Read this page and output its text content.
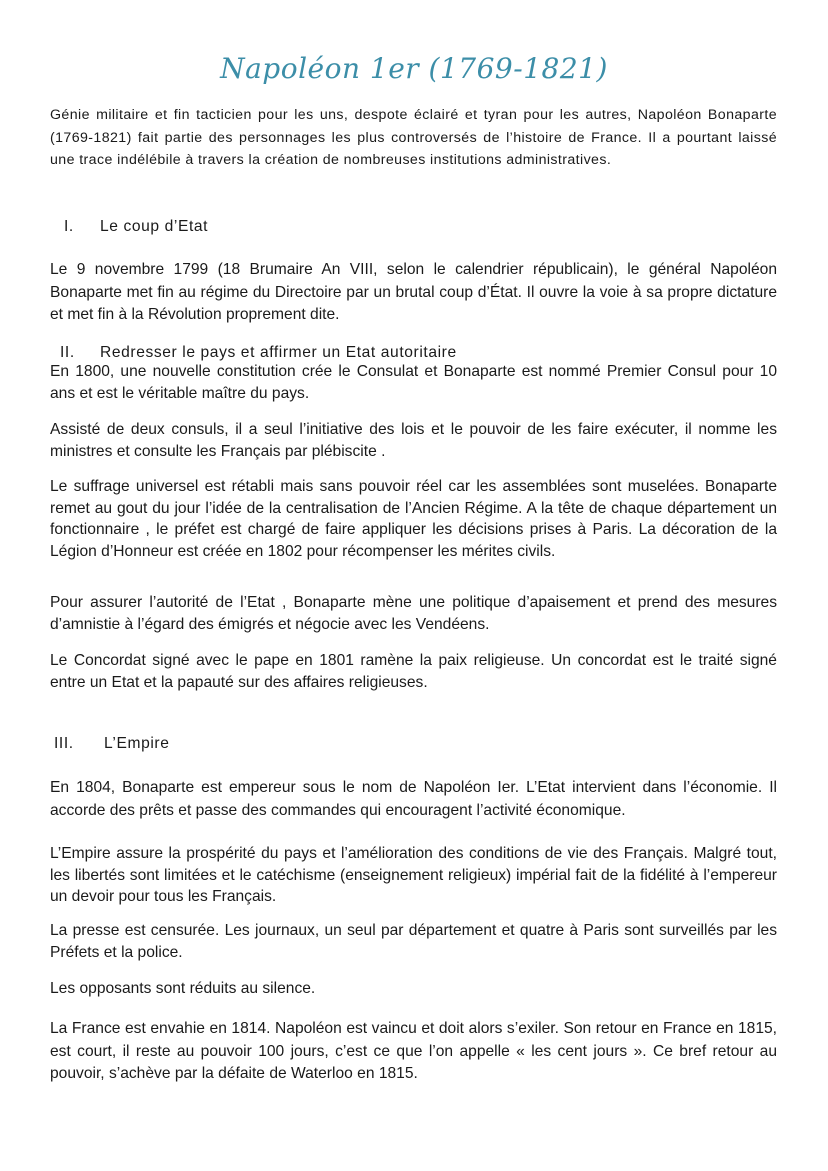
Napoléon 1er (1769-1821)

Génie militaire et fin tacticien pour les uns, despote éclairé et tyran pour les autres, Napoléon Bonaparte (1769-1821) fait partie des personnages les plus controversés de l’histoire de France. Il a pourtant laissé une trace indélébile à travers la création de nombreuses institutions administratives.

I. Le coup d’Etat

Le 9 novembre 1799 (18 Brumaire An VIII, selon le calendrier républicain), le général Napoléon Bonaparte met fin au régime du Directoire par un brutal coup d’État. Il ouvre la voie à sa propre dictature et met fin à la Révolution proprement dite.

II. Redresser le pays et affirmer un Etat autoritaire

En 1800, une nouvelle constitution crée le Consulat et Bonaparte est nommé Premier Consul pour 10 ans et est le véritable maître du pays.

Assisté de deux consuls, il a seul l’initiative des lois et le pouvoir de les faire exécuter, il nomme les ministres et consulte les Français par plébiscite .

Le suffrage universel est rétabli mais sans pouvoir réel car les assemblées sont muselées. Bonaparte remet au gout du jour l’idée de la centralisation de l’Ancien Régime. A la tête de chaque département un fonctionnaire , le préfet est chargé de faire appliquer les décisions prises à Paris. La décoration de la Légion d’Honneur est créée en 1802 pour récompenser les mérites civils.

Pour assurer l’autorité de l’Etat , Bonaparte mène une politique d’apaisement et prend des mesures d’amnistie à l’égard des émigrés et négocie avec les Vendéens.

Le Concordat signé avec le pape en 1801 ramène la paix religieuse. Un concordat est le traité signé entre un Etat et la papauté sur des affaires religieuses.

III. L’Empire

En 1804, Bonaparte est empereur sous le nom de Napoléon Ier. L’Etat intervient dans l’économie. Il accorde des prêts et passe des commandes qui encouragent l’activité économique.

L’Empire assure la prospérité du pays et l’amélioration des conditions de vie des Français. Malgré tout, les libertés sont limitées et le catéchisme (enseignement religieux) impérial fait de la fidélité à l’empereur un devoir pour tous les Français.

La presse est censurée. Les journaux, un seul par département et quatre à Paris sont surveillés par les Préfets et la police.

Les opposants sont réduits au silence.

La France est envahie en 1814. Napoléon est vaincu et doit alors s’exiler. Son retour en France en 1815, est court, il reste au pouvoir 100 jours, c’est ce que l’on appelle « les cent jours ». Ce bref retour au pouvoir, s’achève par la défaite de Waterloo en 1815.
